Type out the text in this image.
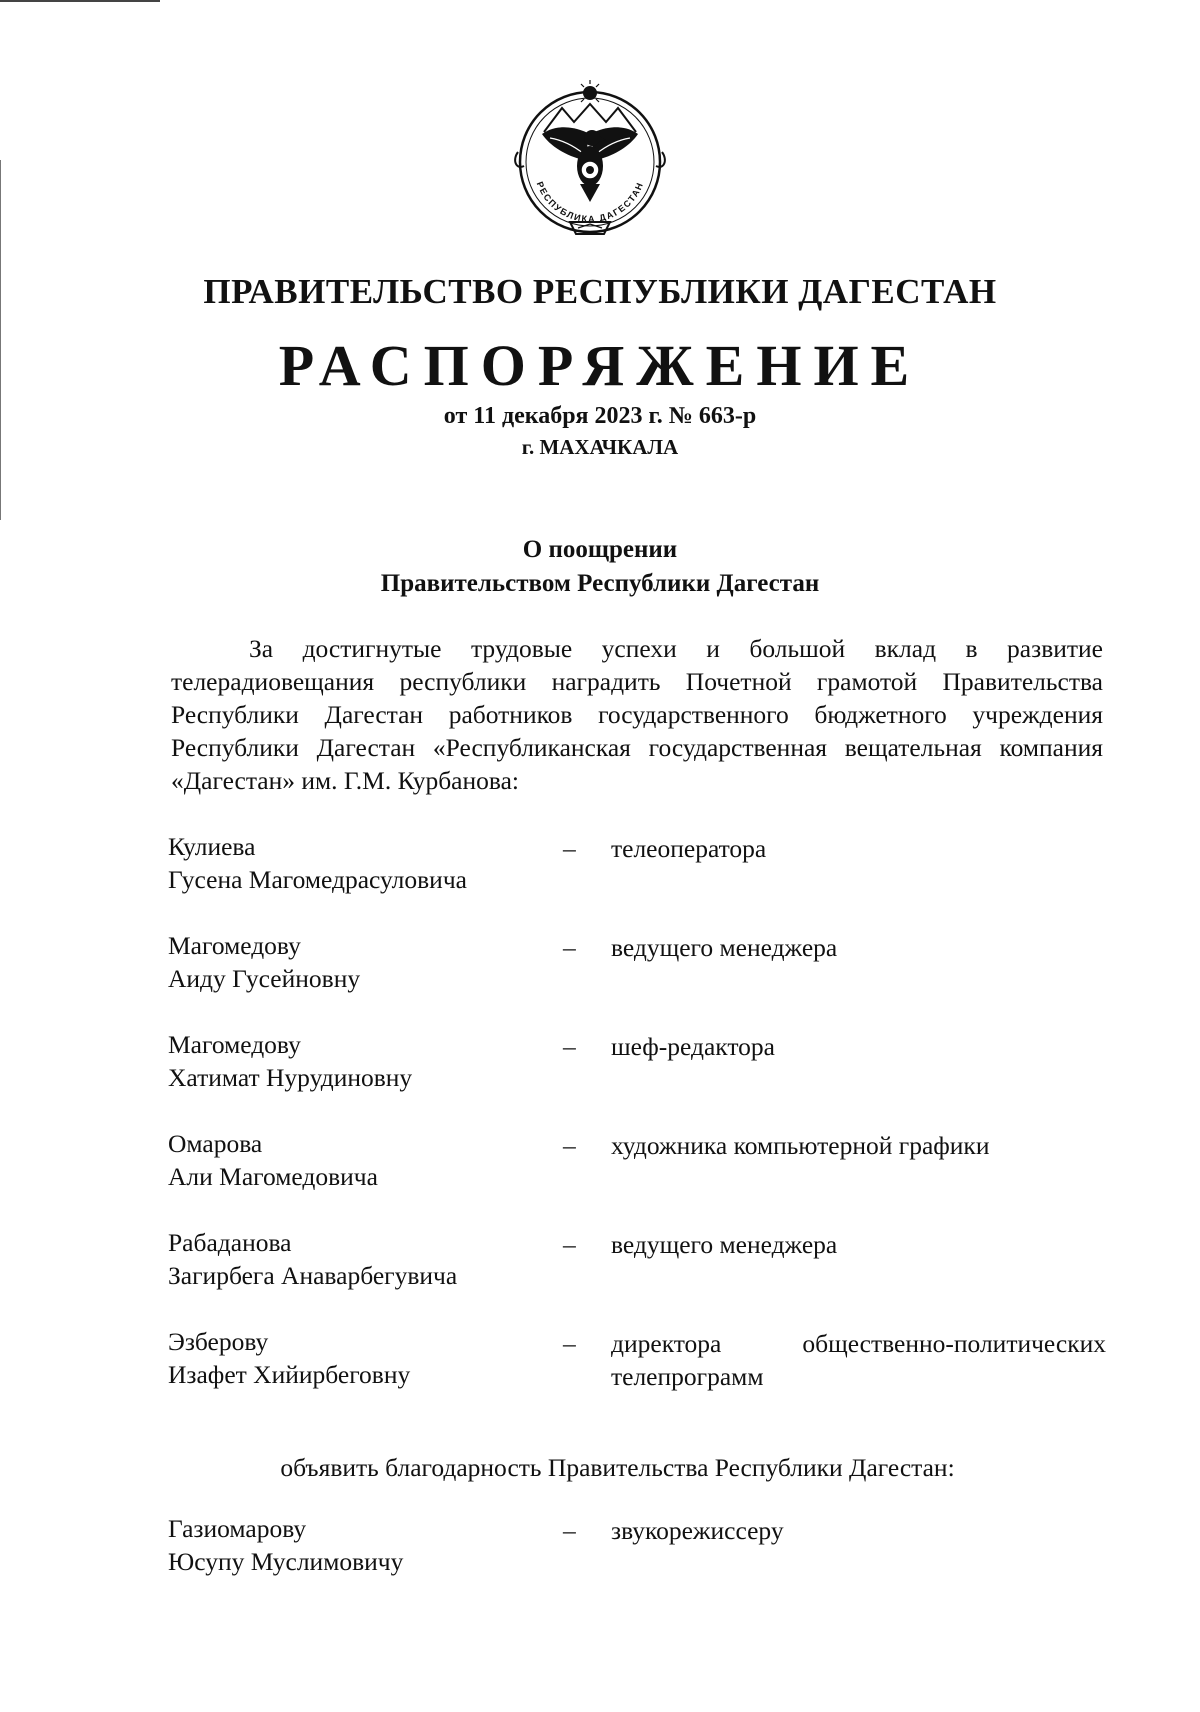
РЕСПУБЛИКА ДАГЕСТАН
ПРАВИТЕЛЬСТВО РЕСПУБЛИКИ ДАГЕСТАН
РАСПОРЯЖЕНИЕ
от 11 декабря 2023 г. № 663-р
г. МАХАЧКАЛА
О поощрении
Правительством Республики Дагестан
За достигнутые трудовые успехи и большой вклад в развитие телерадиовещания республики наградить Почетной грамотой Правительства Республики Дагестан работников государственного бюджетного учреждения Республики Дагестан «Республиканская государственная вещательная компания «Дагестан» им. Г.М. Курбанова:
Кулиева
Гусена Магомедрасуловича
–	телеоператора
Магомедову
Аиду Гусейновну
–	ведущего менеджера
Магомедову
Хатимат Нурудиновну
–	шеф-редактора
Омарова
Али Магомедовича
–	художника компьютерной графики
Рабаданова
Загирбега Анаварбегувича
–	ведущего менеджера
Эзберову
Изафет Хийирбеговну
–	директора общественно-политических
телепрограмм
объявить благодарность Правительства Республики Дагестан:
Газиомарову
Юсупу Муслимовичу
–	звукорежиссеру
